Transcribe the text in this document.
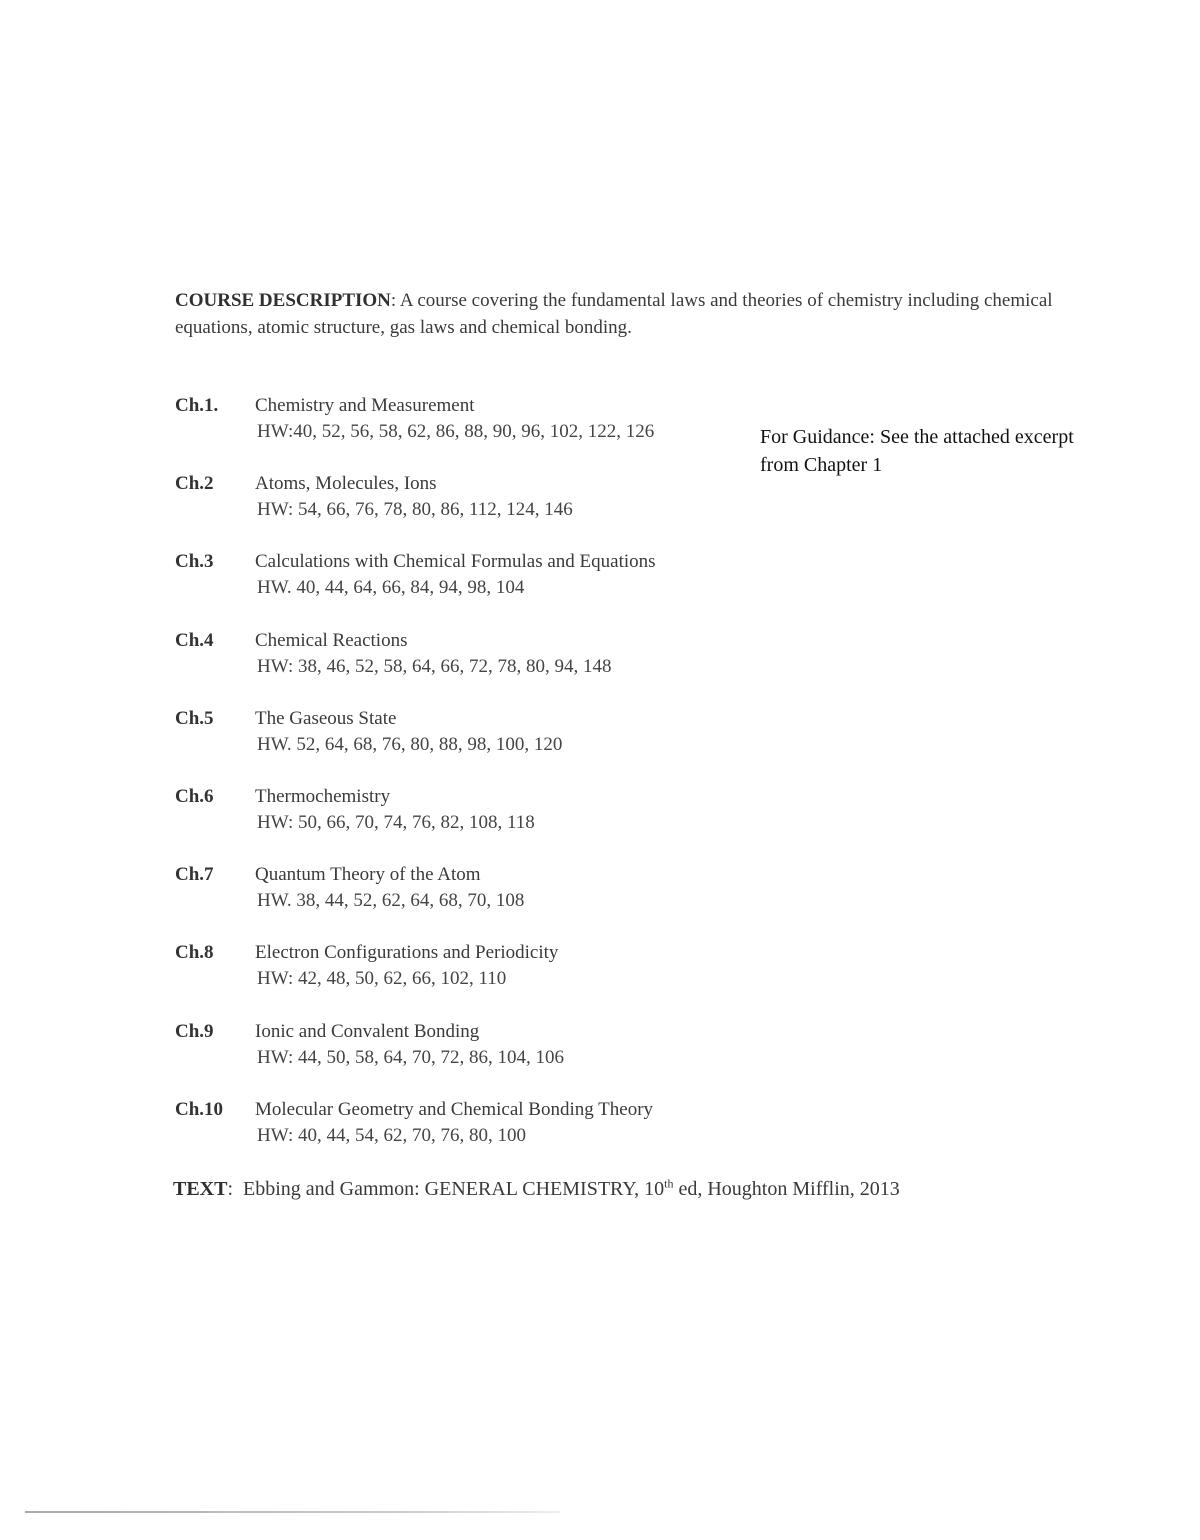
COURSE DESCRIPTION: A course covering the fundamental laws and theories of chemistry including chemical equations, atomic structure, gas laws and chemical bonding.
Ch.1. Chemistry and Measurement
HW:40, 52, 56, 58, 62, 86, 88, 90, 96, 102, 122, 126
Ch.2 Atoms, Molecules, Ions
HW: 54, 66, 76, 78, 80, 86, 112, 124, 146
Ch.3 Calculations with Chemical Formulas and Equations
HW. 40, 44, 64, 66, 84, 94, 98, 104
Ch.4 Chemical Reactions
HW: 38, 46, 52, 58, 64, 66, 72, 78, 80, 94, 148
Ch.5 The Gaseous State
HW. 52, 64, 68, 76, 80, 88, 98, 100, 120
Ch.6 Thermochemistry
HW: 50, 66, 70, 74, 76, 82, 108, 118
Ch.7 Quantum Theory of the Atom
HW. 38, 44, 52, 62, 64, 68, 70, 108
Ch.8 Electron Configurations and Periodicity
HW: 42, 48, 50, 62, 66, 102, 110
Ch.9 Ionic and Convalent Bonding
HW: 44, 50, 58, 64, 70, 72, 86, 104, 106
Ch.10 Molecular Geometry and Chemical Bonding Theory
HW: 40, 44, 54, 62, 70, 76, 80, 100
For Guidance: See the attached excerpt
from Chapter 1
TEXT: Ebbing and Gammon: GENERAL CHEMISTRY, 10th ed, Houghton Mifflin, 2013
